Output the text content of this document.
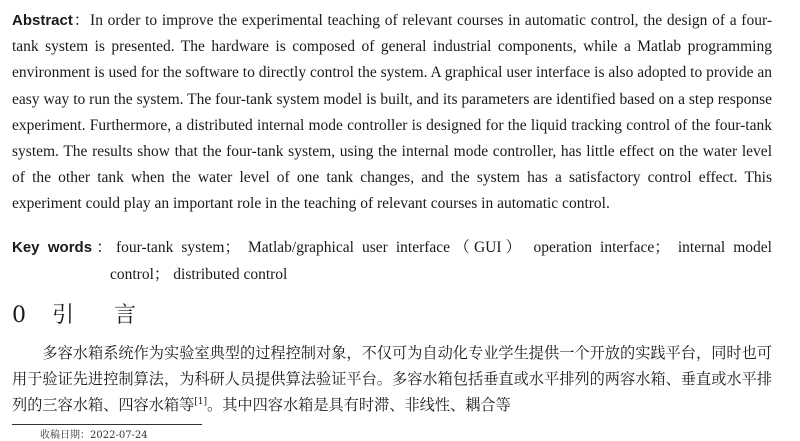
Abstract：In order to improve the experimental teaching of relevant courses in automatic control, the design of a four-tank system is presented. The hardware is composed of general industrial components, while a Matlab programming environment is used for the software to directly control the system. A graphical user interface is also adopted to provide an easy way to run the system. The four-tank system model is built, and its parameters are identified based on a step response experiment. Furthermore, a distributed internal mode controller is designed for the liquid tracking control of the four-tank system. The results show that the four-tank system, using the internal mode controller, has little effect on the water level of the other tank when the water level of one tank changes, and the system has a satisfactory control effect. This experiment could play an important role in the teaching of relevant courses in automatic control.
Key words：four-tank system； Matlab/graphical user interface（GUI） operation interface； internal model
control； distributed control
0 引言
多容水箱系统作为实验室典型的过程控制对象，不仅可为自动化专业学生提供一个开放的实践平台，同时也可用于验证先进控制算法，为科研人员提供算法验证平台。多容水箱包括垂直或水平排列的两容水箱、垂直或水平排列的三容水箱、四容水箱等[1]。其中四容水箱是具有时滞、非线性、耦合等
收稿日期：2022-07-24
